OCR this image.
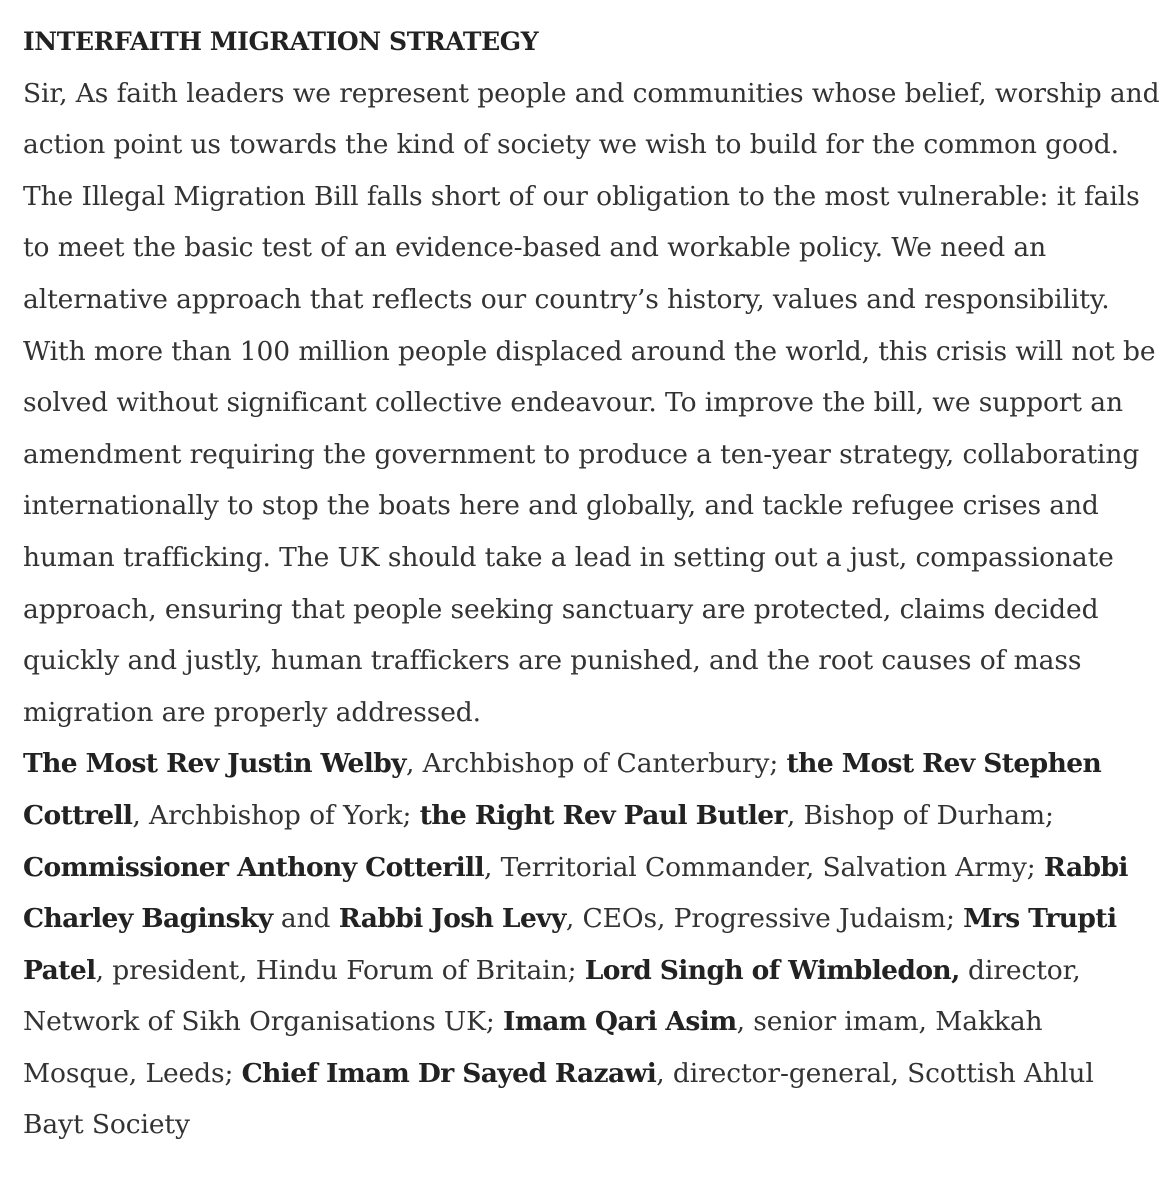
INTERFAITH MIGRATION STRATEGY

Sir, As faith leaders we represent people and communities whose belief, worship and action point us towards the kind of society we wish to build for the common good. The Illegal Migration Bill falls short of our obligation to the most vulnerable: it fails to meet the basic test of an evidence-based and workable policy. We need an alternative approach that reflects our country’s history, values and responsibility. With more than 100 million people displaced around the world, this crisis will not be solved without significant collective endeavour. To improve the bill, we support an amendment requiring the government to produce a ten-year strategy, collaborating internationally to stop the boats here and globally, and tackle refugee crises and human trafficking. The UK should take a lead in setting out a just, compassionate approach, ensuring that people seeking sanctuary are protected, claims decided quickly and justly, human traffickers are punished, and the root causes of mass migration are properly addressed.

The Most Rev Justin Welby, Archbishop of Canterbury; the Most Rev Stephen Cottrell, Archbishop of York; the Right Rev Paul Butler, Bishop of Durham; Commissioner Anthony Cotterill, Territorial Commander, Salvation Army; Rabbi Charley Baginsky and Rabbi Josh Levy, CEOs, Progressive Judaism; Mrs Trupti Patel, president, Hindu Forum of Britain; Lord Singh of Wimbledon, director, Network of Sikh Organisations UK; Imam Qari Asim, senior imam, Makkah Mosque, Leeds; Chief Imam Dr Sayed Razawi, director-general, Scottish Ahlul Bayt Society
